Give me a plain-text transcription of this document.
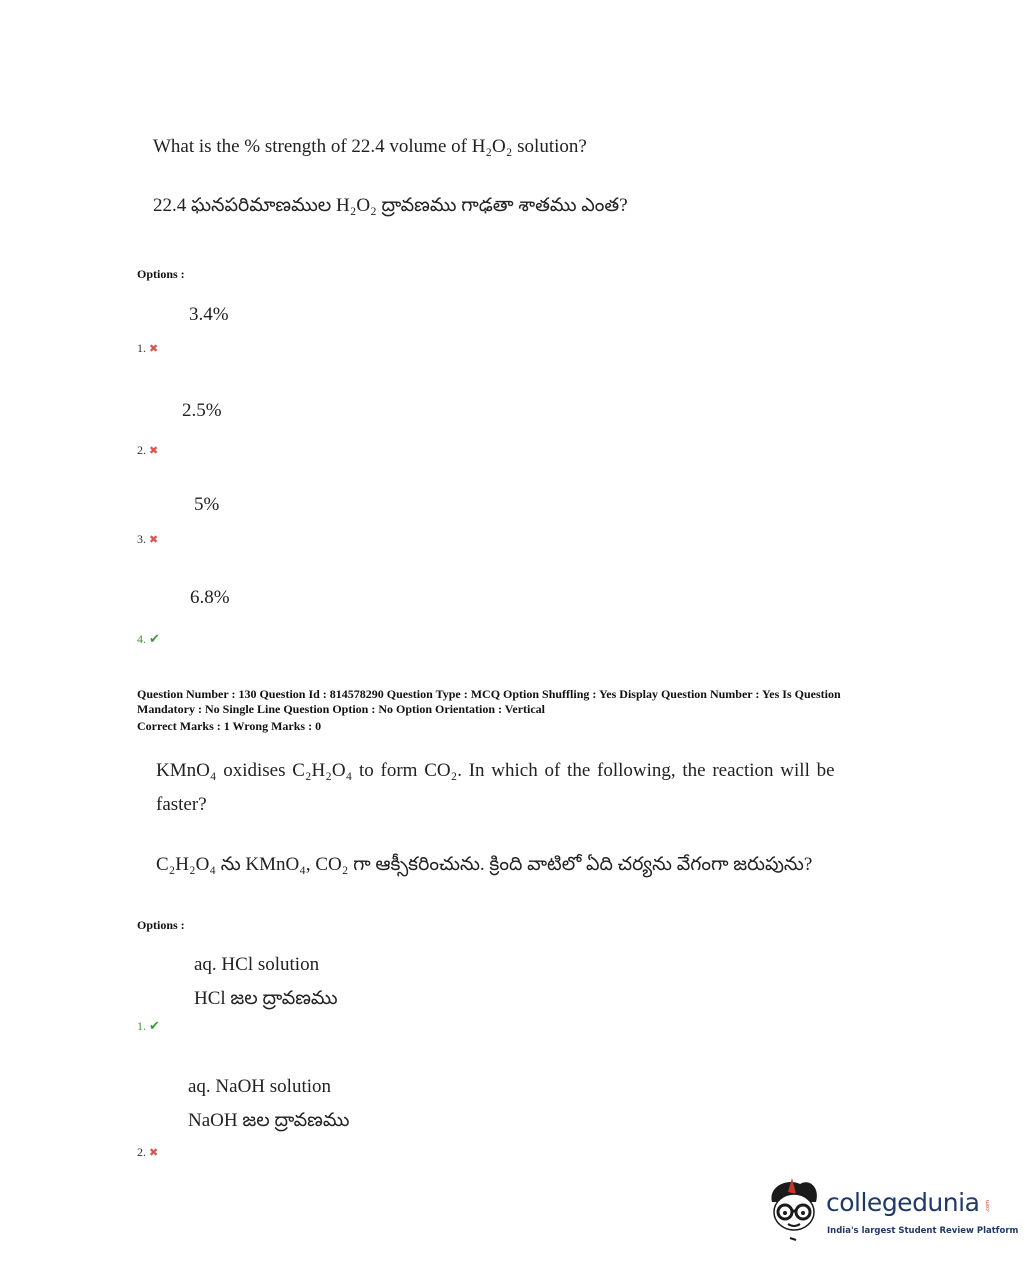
What is the % strength of 22.4 volume of H₂O₂ solution?
22.4 ఘనపరిమాణముల H₂O₂ ద్రావణము గాఢతా శాతము ఎంత?
Options :
3.4%
1. ✖
2.5%
2. ✖
5%
3. ✖
6.8%
4. ✔
Question Number : 130 Question Id : 814578290 Question Type : MCQ Option Shuffling : Yes Display Question Number : Yes Is Question
Mandatory : No Single Line Question Option : No Option Orientation : Vertical
Correct Marks : 1 Wrong Marks : 0
KMnO₄ oxidises C₂H₂O₄ to form CO₂. In which of the following, the reaction will be
faster?
C₂H₂O₄ ను KMnO₄, CO₂ గా ఆక్సీకరించును. క్రింది వాటిలో ఏది చర్యను వేగంగా జరుపును?
Options :
aq. HCl solution
HCl జల ద్రావణము
1. ✔
aq. NaOH solution
NaOH జల ద్రావణము
2. ✖
collegedunia .com
India's largest Student Review Platform
